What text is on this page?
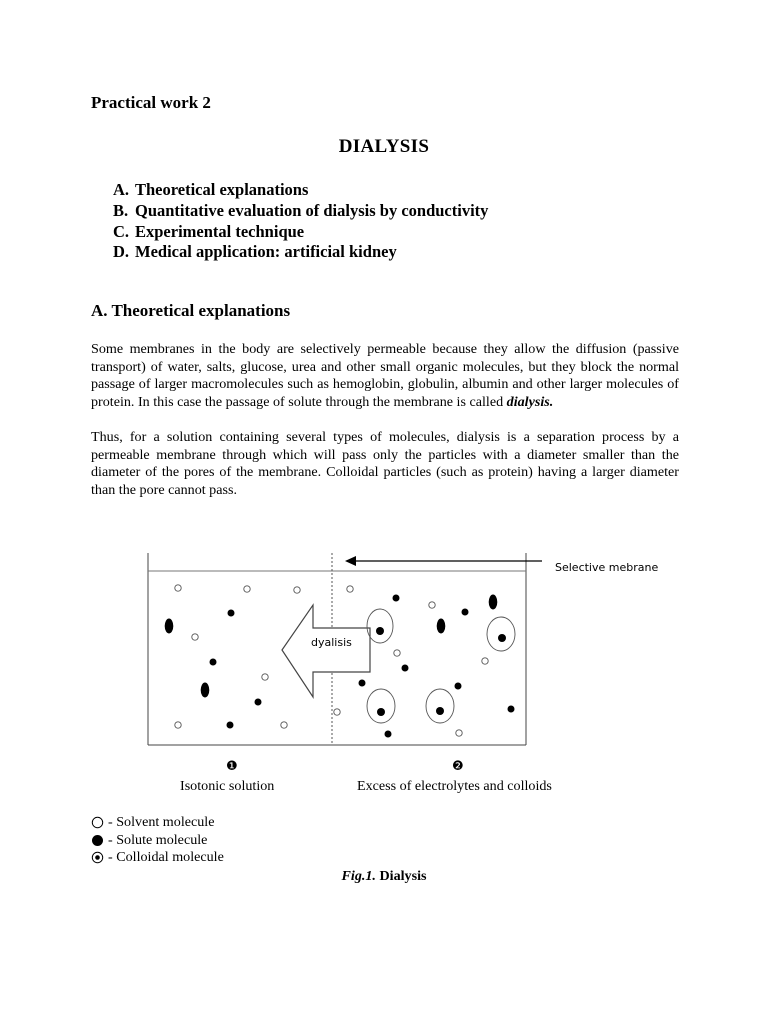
Practical work 2
DIALYSIS
A. Theoretical explanations
B. Quantitative evaluation of dialysis by conductivity
C. Experimental technique
D. Medical application: artificial kidney
A. Theoretical explanations
Some membranes in the body are selectively permeable because they allow the diffusion (passive transport) of water, salts, glucose, urea and other small organic molecules, but they block the normal passage of larger macromolecules such as hemoglobin, globulin, albumin and other larger molecules of protein. In this case the passage of solute through the membrane is called dialysis.
Thus, for a solution containing several types of molecules, dialysis is a separation process by a permeable membrane through which will pass only the particles with a diameter smaller than the diameter of the pores of the membrane. Colloidal particles (such as protein) having a larger diameter than the pore cannot pass.
Selective mebrane
dyalisis
❶	❷
Isotonic solution	Excess of electrolytes and colloids
- Solvent molecule
- Solute molecule
- Colloidal molecule
Fig.1. Dialysis
